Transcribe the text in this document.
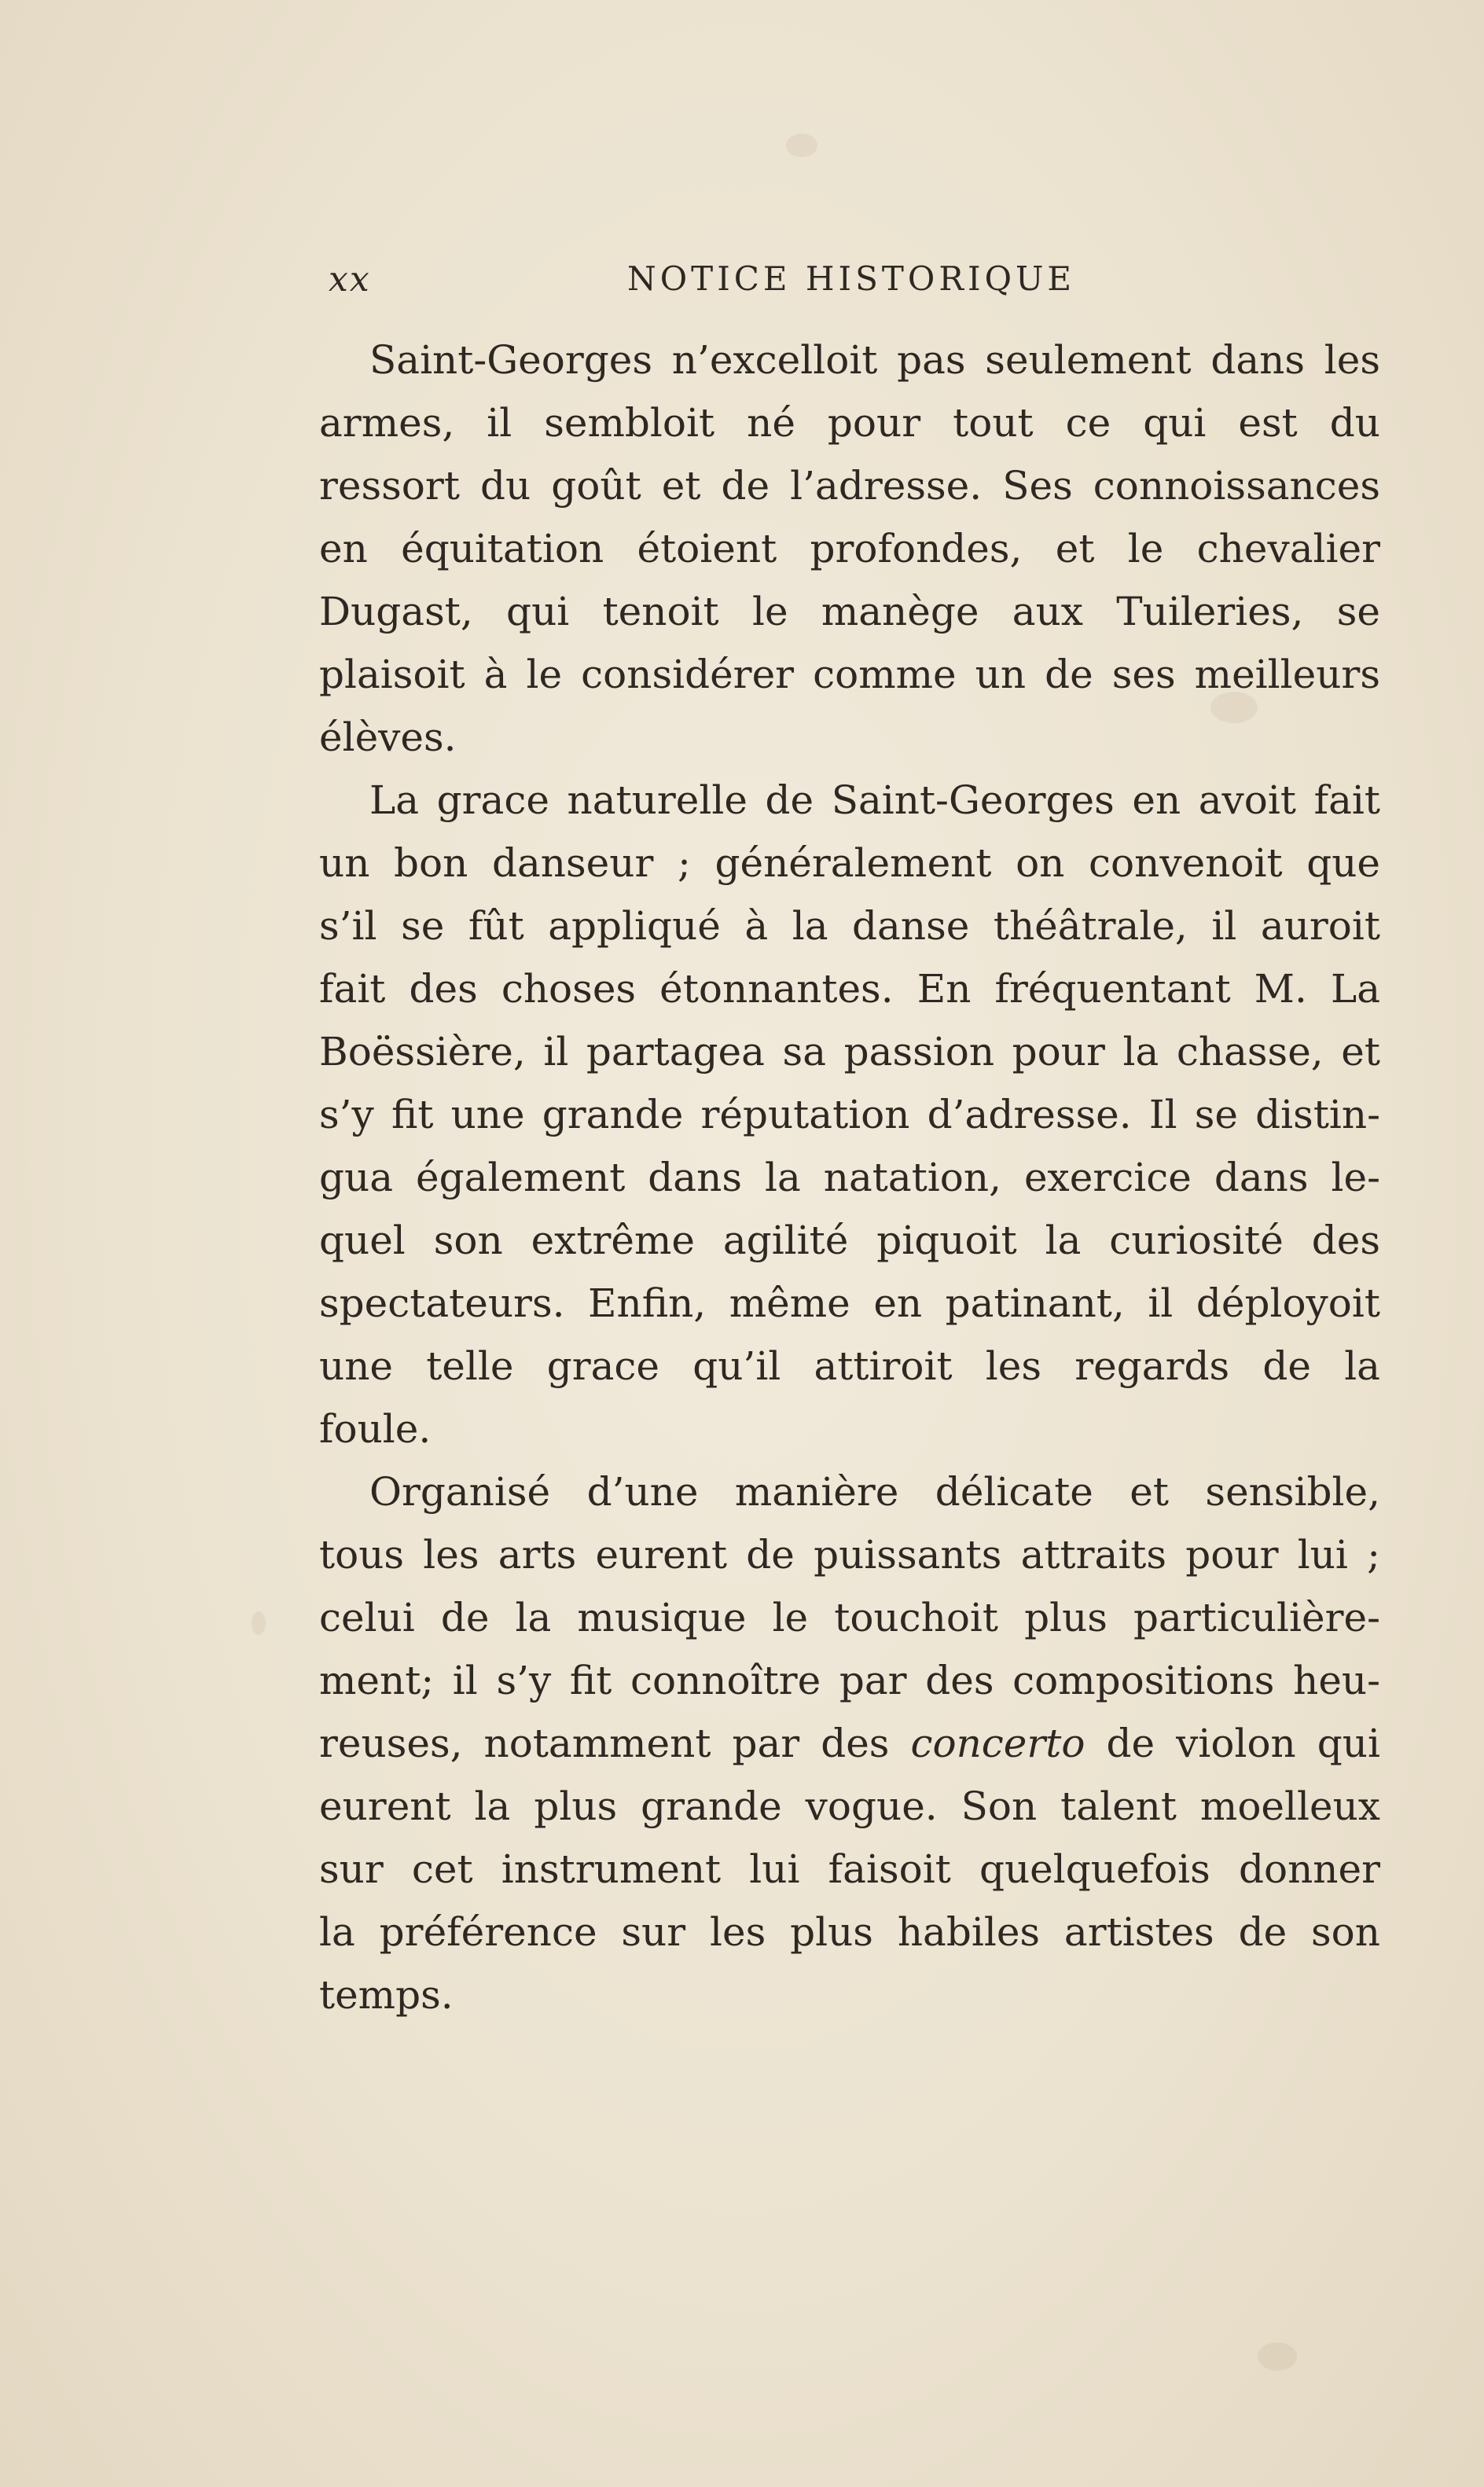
xx	NOTICE HISTORIQUE
Saint-Georges n’excelloit pas seulement dans les
armes, il sembloit né pour tout ce qui est du
ressort du goût et de l’adresse. Ses connoissances
en équitation étoient profondes, et le chevalier
Dugast, qui tenoit le manège aux Tuileries, se
plaisoit à le considérer comme un de ses meilleurs
élèves.
La grace naturelle de Saint-Georges en avoit fait
un bon danseur ; généralement on convenoit que
s’il se fût appliqué à la danse théâtrale, il auroit
fait des choses étonnantes. En fréquentant M. La
Boëssière, il partagea sa passion pour la chasse, et
s’y fit une grande réputation d’adresse. Il se distin-
gua également dans la natation, exercice dans le-
quel son extrême agilité piquoit la curiosité des
spectateurs. Enfin, même en patinant, il déployoit
une telle grace qu’il attiroit les regards de la
foule.
Organisé d’une manière délicate et sensible,
tous les arts eurent de puissants attraits pour lui ;
celui de la musique le touchoit plus particulière-
ment; il s’y fit connoître par des compositions heu-
reuses, notamment par des concerto de violon qui
eurent la plus grande vogue. Son talent moelleux
sur cet instrument lui faisoit quelquefois donner
la préférence sur les plus habiles artistes de son
temps.
